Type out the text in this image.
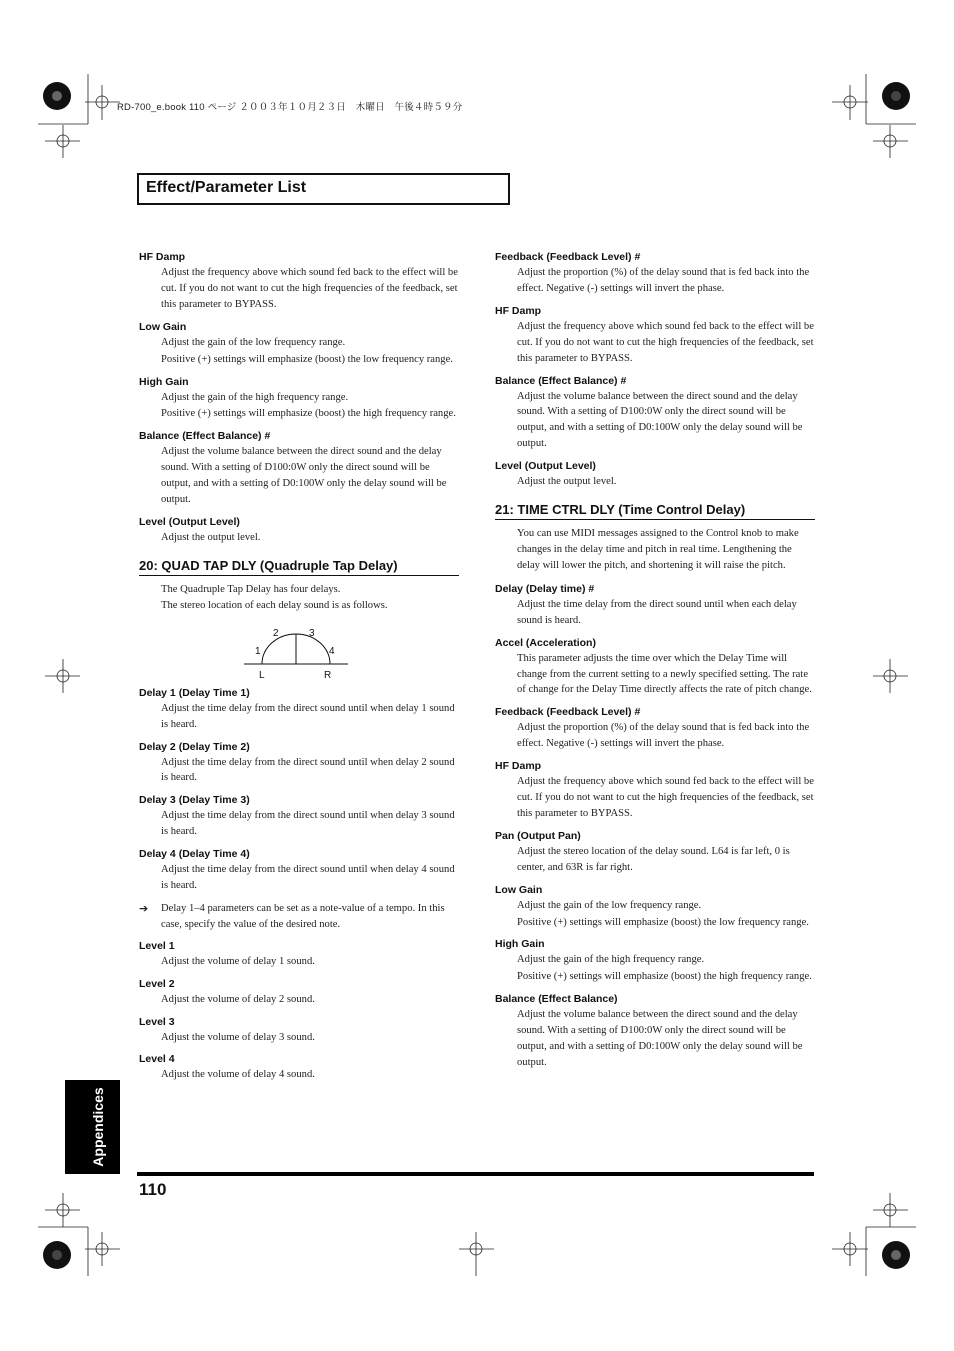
RD-700_e.book 110 ページ ２００３年１０月２３日　木曜日　午後４時５９分
Effect/Parameter List
HF Damp
Adjust the frequency above which sound fed back to the effect will be cut. If you do not want to cut the high frequencies of the feedback, set this parameter to BYPASS.
Low Gain
Adjust the gain of the low frequency range.
Positive (+) settings will emphasize (boost) the low frequency range.
High Gain
Adjust the gain of the high frequency range.
Positive (+) settings will emphasize (boost) the high frequency range.
Balance (Effect Balance) #
Adjust the volume balance between the direct sound and the delay sound. With a setting of D100:0W only the direct sound will be output, and with a setting of D0:100W only the delay sound will be output.
Level (Output Level)
Adjust the output level.
20: QUAD TAP DLY (Quadruple Tap Delay)
The Quadruple Tap Delay has four delays.
The stereo location of each delay sound is as follows.
1
2	3
4
L	R
Delay 1 (Delay Time 1)
Adjust the time delay from the direct sound until when delay 1 sound is heard.
Delay 2 (Delay Time 2)
Adjust the time delay from the direct sound until when delay 2 sound is heard.
Delay 3 (Delay Time 3)
Adjust the time delay from the direct sound until when delay 3 sound is heard.
Delay 4 (Delay Time 4)
Adjust the time delay from the direct sound until when delay 4 sound is heard.
➔ Delay 1–4 parameters can be set as a note-value of a tempo. In this case, specify the value of the desired note.
Level 1
Adjust the volume of delay 1 sound.
Level 2
Adjust the volume of delay 2 sound.
Level 3
Adjust the volume of delay 3 sound.
Level 4
Adjust the volume of delay 4 sound.
Feedback (Feedback Level) #
Adjust the proportion (%) of the delay sound that is fed back into the effect. Negative (-) settings will invert the phase.
HF Damp
Adjust the frequency above which sound fed back to the effect will be cut. If you do not want to cut the high frequencies of the feedback, set this parameter to BYPASS.
Balance (Effect Balance) #
Adjust the volume balance between the direct sound and the delay sound. With a setting of D100:0W only the direct sound will be output, and with a setting of D0:100W only the delay sound will be output.
Level (Output Level)
Adjust the output level.
21: TIME CTRL DLY (Time Control Delay)
You can use MIDI messages assigned to the Control knob to make changes in the delay time and pitch in real time. Lengthening the delay will lower the pitch, and shortening it will raise the pitch.
Delay (Delay time) #
Adjust the time delay from the direct sound until when each delay sound is heard.
Accel (Acceleration)
This parameter adjusts the time over which the Delay Time will change from the current setting to a newly specified setting. The rate of change for the Delay Time directly affects the rate of pitch change.
Feedback (Feedback Level) #
Adjust the proportion (%) of the delay sound that is fed back into the effect. Negative (-) settings will invert the phase.
HF Damp
Adjust the frequency above which sound fed back to the effect will be cut. If you do not want to cut the high frequencies of the feedback, set this parameter to BYPASS.
Pan (Output Pan)
Adjust the stereo location of the delay sound. L64 is far left, 0 is center, and 63R is far right.
Low Gain
Adjust the gain of the low frequency range.
Positive (+) settings will emphasize (boost) the low frequency range.
High Gain
Adjust the gain of the high frequency range.
Positive (+) settings will emphasize (boost) the high frequency range.
Balance (Effect Balance)
Adjust the volume balance between the direct sound and the delay sound. With a setting of D100:0W only the direct sound will be output, and with a setting of D0:100W only the delay sound will be output.
Appendices
110
